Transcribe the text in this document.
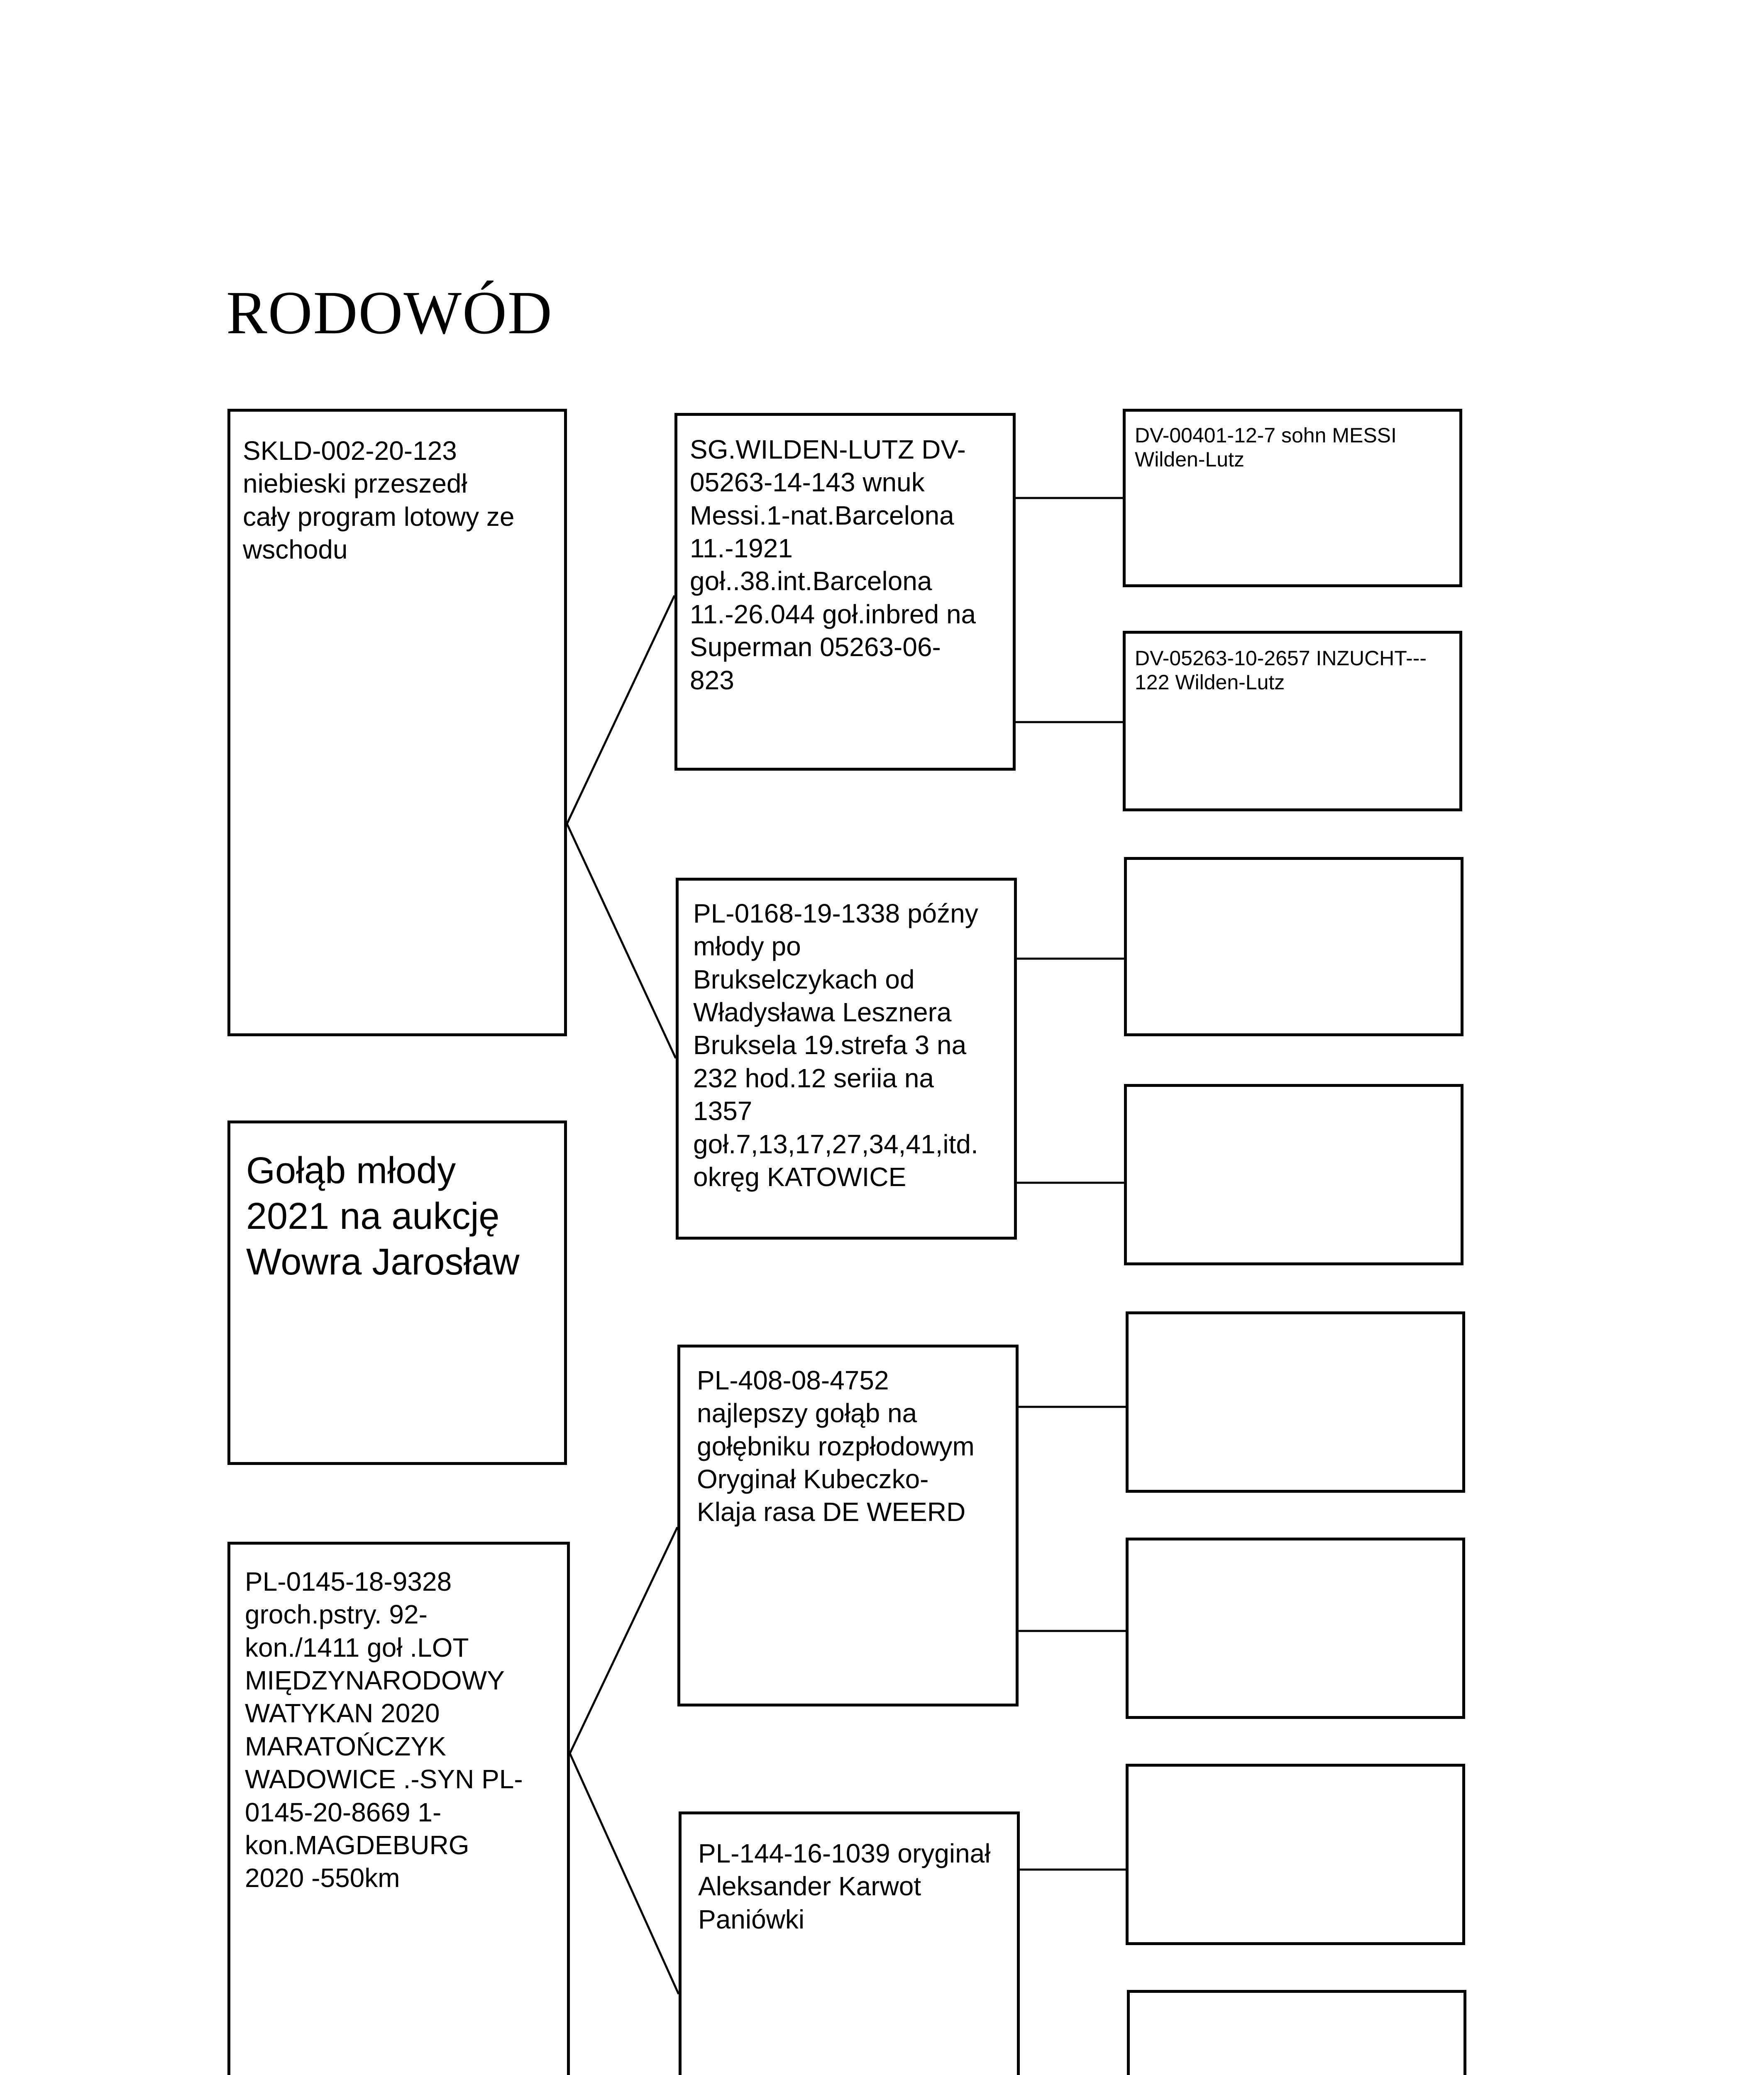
RODOWÓD
SKLD-002-20-123
niebieski przeszedł
cały program lotowy ze
wschodu
Gołąb młody
2021 na aukcję
Wowra Jarosław
PL-0145-18-9328
groch.pstry. 92-
kon./1411 goł .LOT
MIĘDZYNARODOWY
WATYKAN 2020
MARATOŃCZYK
WADOWICE .-SYN PL-
0145-20-8669 1-
kon.MAGDEBURG
2020 -550km
SG.WILDEN-LUTZ DV-
05263-14-143 wnuk
Messi.1-nat.Barcelona
11.-1921
goł..38.int.Barcelona
11.-26.044 goł.inbred na
Superman 05263-06-
823
PL-0168-19-1338 późny
młody po
Brukselczykach od
Władysława Lesznera
Bruksela 19.strefa 3 na
232 hod.12 seriia na
1357
goł.7,13,17,27,34,41,itd.
okręg KATOWICE
PL-408-08-4752
najlepszy gołąb na
gołębniku rozpłodowym
Oryginał Kubeczko-
Klaja rasa DE WEERD
PL-144-16-1039 oryginał
Aleksander Karwot
Paniówki
DV-00401-12-7 sohn MESSI
Wilden-Lutz
DV-05263-10-2657 INZUCHT---
122 Wilden-Lutz
